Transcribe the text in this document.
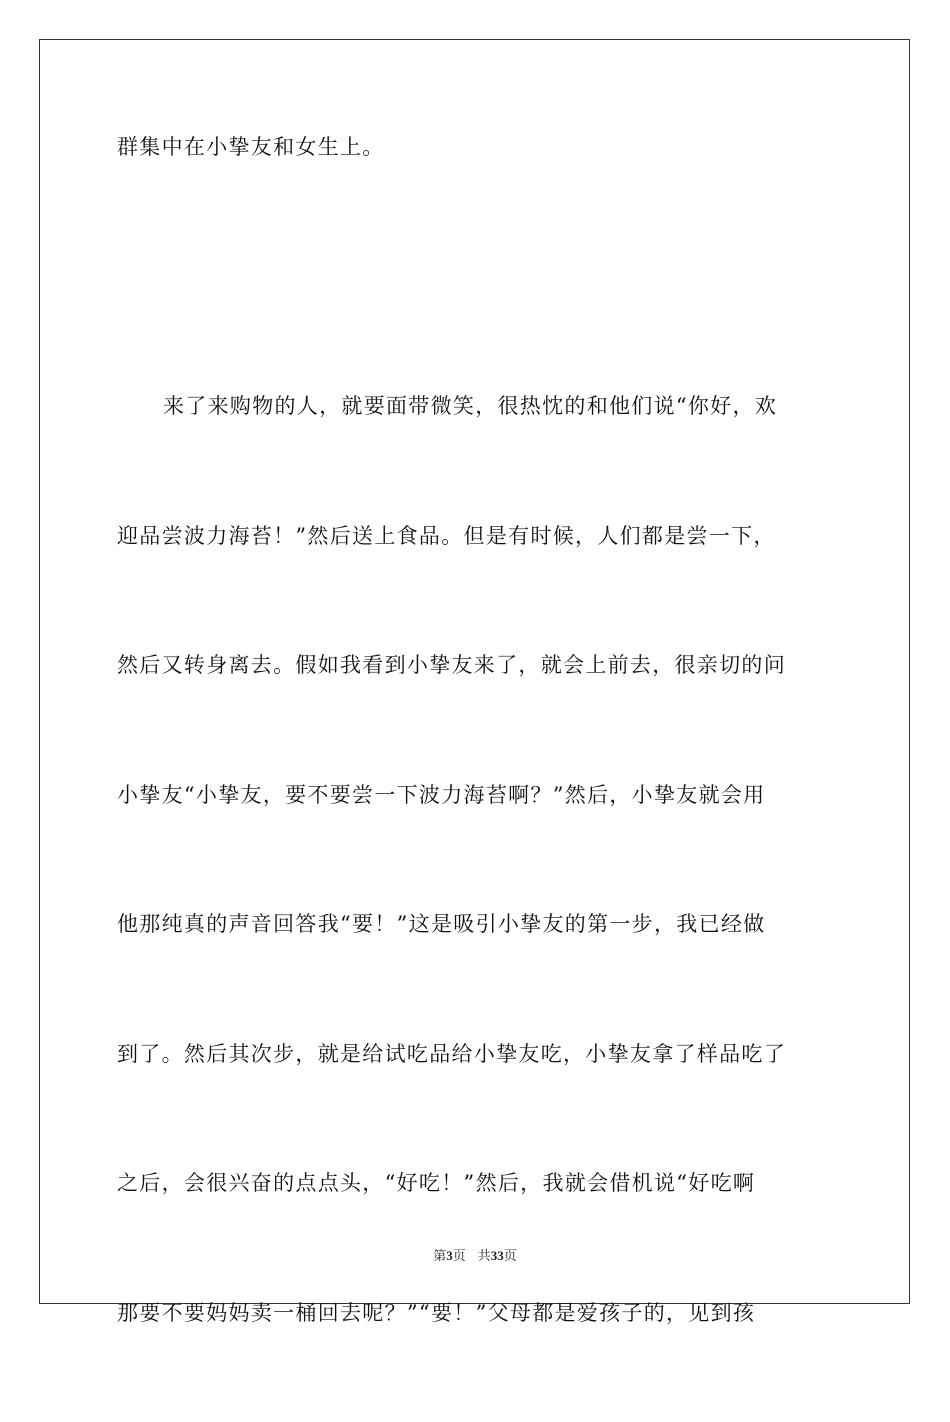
群集中在小挚友和女生上。
来了来购物的人，就要面带微笑，很热忱的和他们说“你好，欢
迎品尝波力海苔！”然后送上食品。但是有时候，人们都是尝一下，
然后又转身离去。假如我看到小挚友来了，就会上前去，很亲切的问
小挚友“小挚友，要不要尝一下波力海苔啊？”然后，小挚友就会用
他那纯真的声音回答我“要！”这是吸引小挚友的第一步，我已经做
到了。然后其次步，就是给试吃品给小挚友吃，小挚友拿了样品吃了
之后，会很兴奋的点点头，“好吃！”然后，我就会借机说“好吃啊
那要不要妈妈卖一桶回去呢？”“要！”父母都是爱孩子的，见到孩
第3页 共33页
